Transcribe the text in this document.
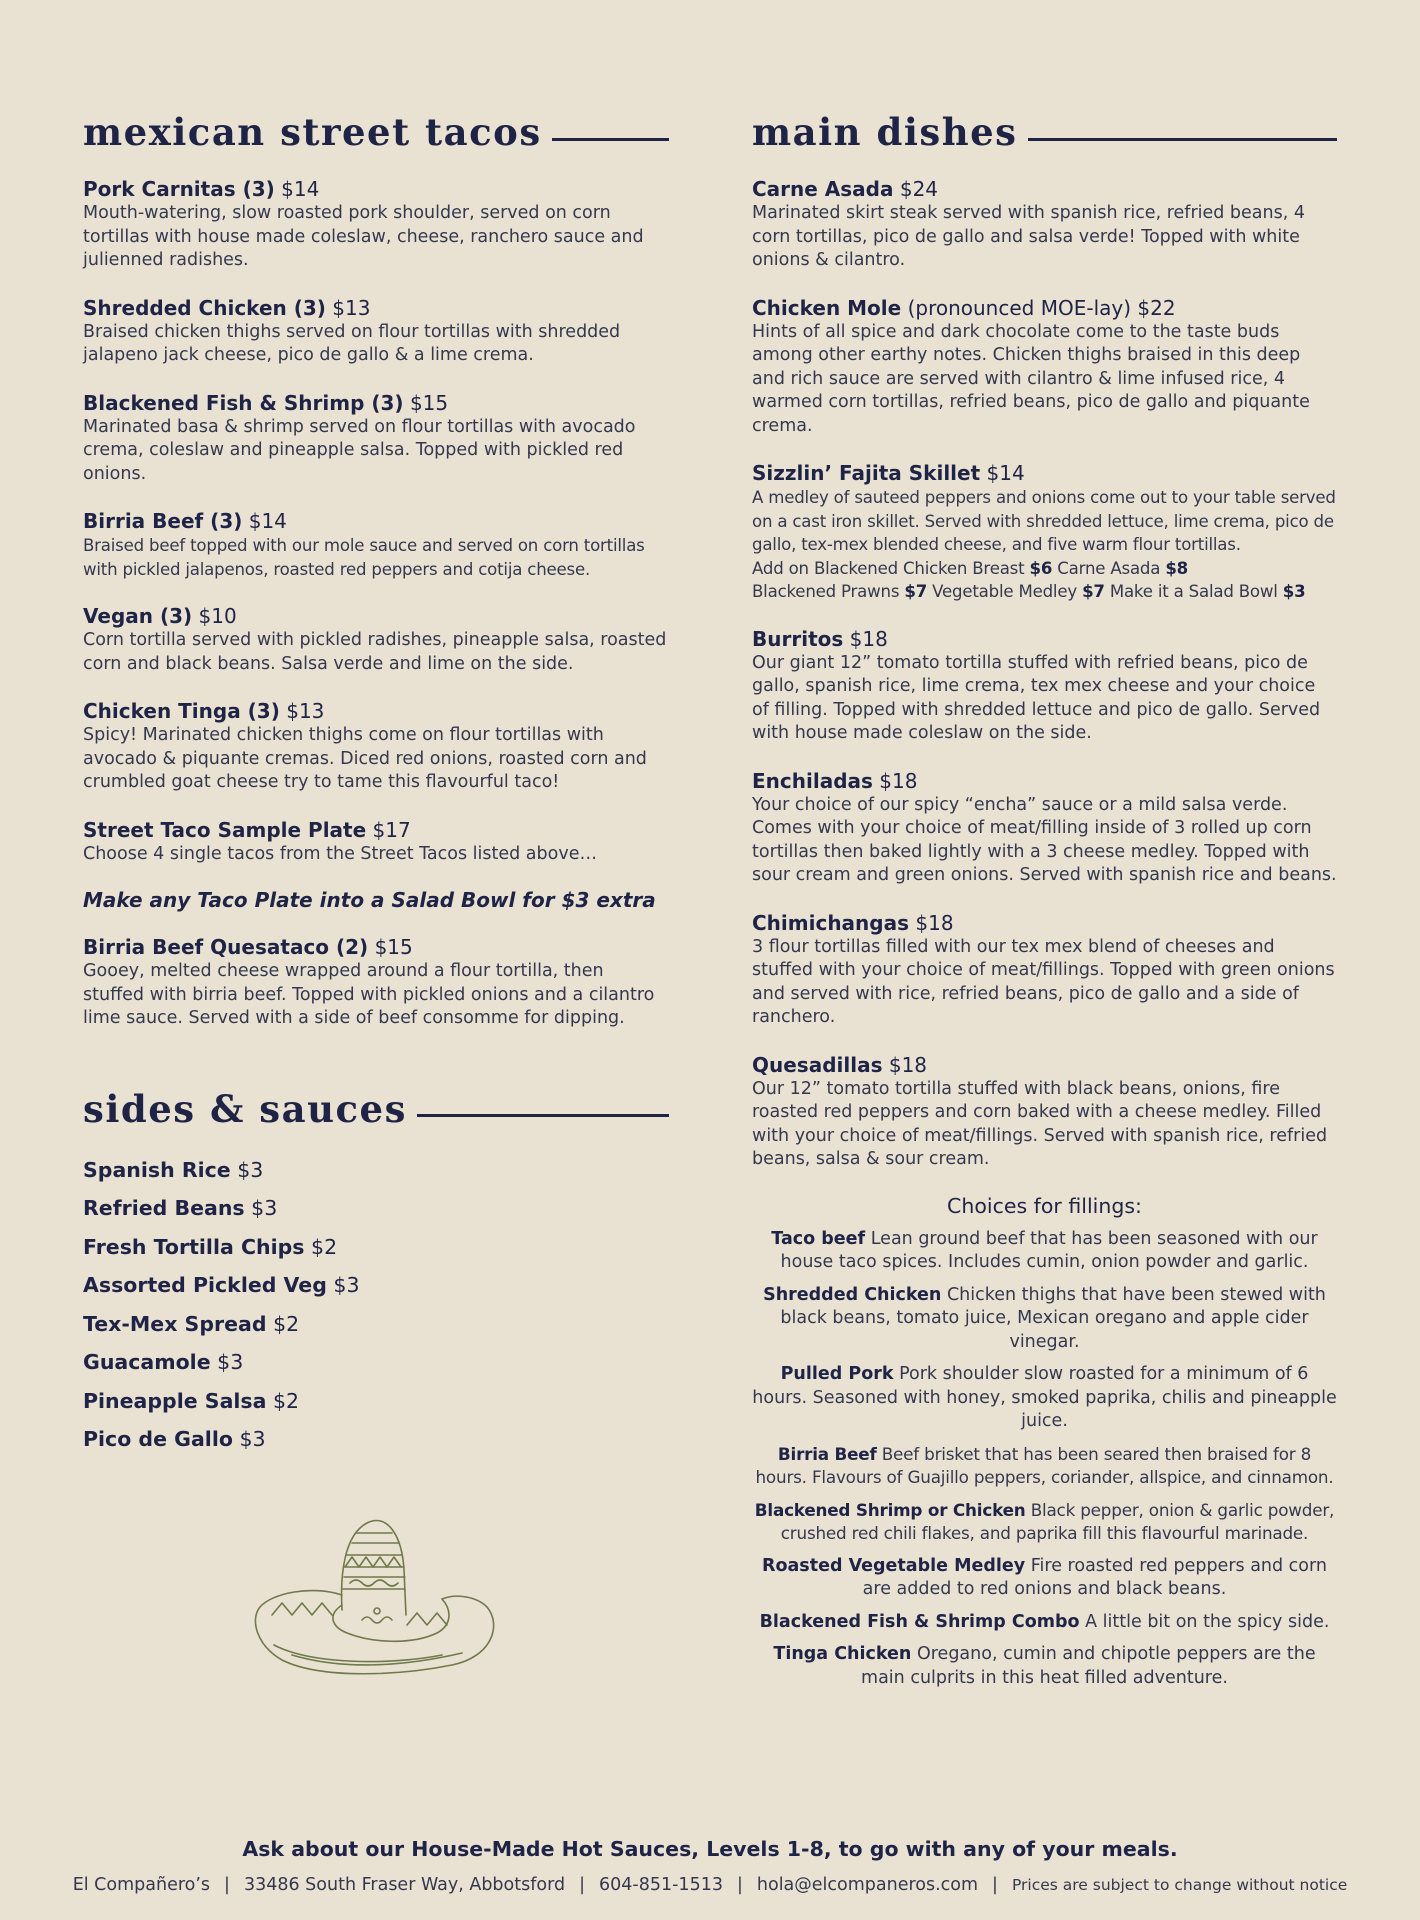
mexican street tacos
Pork Carnitas (3) $14
Mouth-watering, slow roasted pork shoulder, served on corn tortillas with house made coleslaw, cheese, ranchero sauce and julienned radishes.
Shredded Chicken (3) $13
Braised chicken thighs served on flour tortillas with shredded jalapeno jack cheese, pico de gallo & a lime crema.
Blackened Fish & Shrimp (3) $15
Marinated basa & shrimp served on flour tortillas with avocado crema, coleslaw and pineapple salsa. Topped with pickled red onions.
Birria Beef (3) $14
Braised beef topped with our mole sauce and served on corn tortillas with pickled jalapenos, roasted red peppers and cotija cheese.
Vegan (3) $10
Corn tortilla served with pickled radishes, pineapple salsa, roasted corn and black beans. Salsa verde and lime on the side.
Chicken Tinga (3) $13
Spicy! Marinated chicken thighs come on flour tortillas with avocado & piquante cremas. Diced red onions, roasted corn and crumbled goat cheese try to tame this flavourful taco!
Street Taco Sample Plate $17
Choose 4 single tacos from the Street Tacos listed above…
Make any Taco Plate into a Salad Bowl for $3 extra
Birria Beef Quesataco (2) $15
Gooey, melted cheese wrapped around a flour tortilla, then stuffed with birria beef. Topped with pickled onions and a cilantro lime sauce. Served with a side of beef consomme for dipping.
sides & sauces
Spanish Rice $3
Refried Beans $3
Fresh Tortilla Chips $2
Assorted Pickled Veg $3
Tex-Mex Spread $2
Guacamole $3
Pineapple Salsa $2
Pico de Gallo $3
main dishes
Carne Asada $24
Marinated skirt steak served with spanish rice, refried beans, 4 corn tortillas, pico de gallo and salsa verde! Topped with white onions & cilantro.
Chicken Mole (pronounced MOE-lay) $22
Hints of all spice and dark chocolate come to the taste buds among other earthy notes. Chicken thighs braised in this deep and rich sauce are served with cilantro & lime infused rice, 4 warmed corn tortillas, refried beans, pico de gallo and piquante crema.
Sizzlin’ Fajita Skillet $14
A medley of sauteed peppers and onions come out to your table served on a cast iron skillet. Served with shredded lettuce, lime crema, pico de gallo, tex-mex blended cheese, and five warm flour tortillas.
Add on Blackened Chicken Breast $6 Carne Asada $8
Blackened Prawns $7 Vegetable Medley $7 Make it a Salad Bowl $3
Burritos $18
Our giant 12” tomato tortilla stuffed with refried beans, pico de gallo, spanish rice, lime crema, tex mex cheese and your choice of filling. Topped with shredded lettuce and pico de gallo. Served with house made coleslaw on the side.
Enchiladas $18
Your choice of our spicy “encha” sauce or a mild salsa verde. Comes with your choice of meat/filling inside of 3 rolled up corn tortillas then baked lightly with a 3 cheese medley. Topped with sour cream and green onions. Served with spanish rice and beans.
Chimichangas $18
3 flour tortillas filled with our tex mex blend of cheeses and stuffed with your choice of meat/fillings. Topped with green onions and served with rice, refried beans, pico de gallo and a side of ranchero.
Quesadillas $18
Our 12” tomato tortilla stuffed with black beans, onions, fire roasted red peppers and corn baked with a cheese medley. Filled with your choice of meat/fillings. Served with spanish rice, refried beans, salsa & sour cream.
Choices for fillings:
Taco beef Lean ground beef that has been seasoned with our house taco spices. Includes cumin, onion powder and garlic.
Shredded Chicken Chicken thighs that have been stewed with black beans, tomato juice, Mexican oregano and apple cider vinegar.
Pulled Pork Pork shoulder slow roasted for a minimum of 6 hours. Seasoned with honey, smoked paprika, chilis and pineapple juice.
Birria Beef Beef brisket that has been seared then braised for 8 hours. Flavours of Guajillo peppers, coriander, allspice, and cinnamon.
Blackened Shrimp or Chicken Black pepper, onion & garlic powder, crushed red chili flakes, and paprika fill this flavourful marinade.
Roasted Vegetable Medley Fire roasted red peppers and corn are added to red onions and black beans.
Blackened Fish & Shrimp Combo A little bit on the spicy side.
Tinga Chicken Oregano, cumin and chipotle peppers are the main culprits in this heat filled adventure.
Ask about our House-Made Hot Sauces, Levels 1-8, to go with any of your meals.
El Compañero’s | 33486 South Fraser Way, Abbotsford | 604-851-1513 | hola@elcompaneros.com | Prices are subject to change without notice
